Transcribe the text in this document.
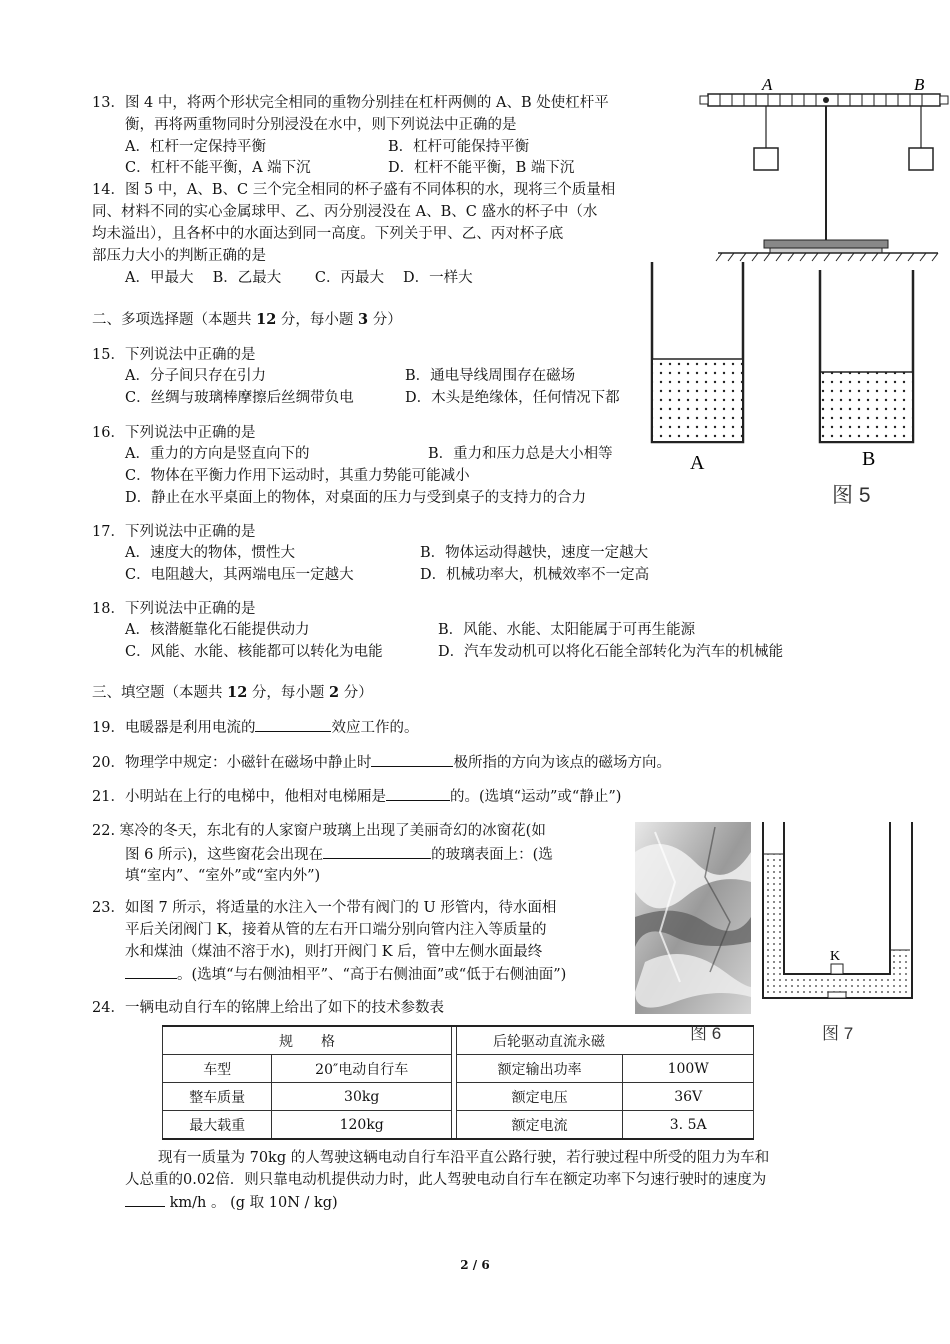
13．图 4 中，将两个形状完全相同的重物分别挂在杠杆两侧的 A、B 处使杠杆平
衡，再将两重物同时分别浸没在水中，则下列说法中正确的是
A．杠杆一定保持平衡	B．杠杆可能保持平衡
C．杠杆不能平衡，A 端下沉	D．杠杆不能平衡，B 端下沉
14．图 5 中，A、B、C 三个完全相同的杯子盛有不同体积的水，现将三个质量相
同、材料不同的实心金属球甲、乙、丙分别浸没在 A、B、C 盛水的杯子中（水
均未溢出），且各杯中的水面达到同一高度。下列关于甲、乙、丙对杯子底
部压力大小的判断正确的是
A．甲最大　 B．乙最大　　 C．丙最大　 D．一样大
二、多项选择题（本题共 12 分，每小题 3 分）
15．下列说法中正确的是
A．分子间只存在引力	B．通电导线周围存在磁场
C．丝绸与玻璃棒摩擦后丝绸带负电	D．木头是绝缘体，任何情况下都
16．下列说法中正确的是
A．重力的方向是竖直向下的	B．重力和压力总是大小相等
C．物体在平衡力作用下运动时，其重力势能可能减小
D．静止在水平桌面上的物体，对桌面的压力与受到桌子的支持力的合力
17．下列说法中正确的是
A．速度大的物体，惯性大	B．物体运动得越快，速度一定越大
C．电阻越大，其两端电压一定越大	D．机械功率大，机械效率不一定高
18．下列说法中正确的是
A．核潜艇靠化石能提供动力	B．风能、水能、太阳能属于可再生能源
C．风能、水能、核能都可以转化为电能	D．汽车发动机可以将化石能全部转化为汽车的机械能
三、填空题（本题共 12 分，每小题 2 分）
19．电暖器是利用电流的	效应工作的。
20．物理学中规定：小磁针在磁场中静止时	极所指的方向为该点的磁场方向。
21．小明站在上行的电梯中，他相对电梯厢是	的。(选填“运动”或“静止”)
22. 寒冷的冬天，东北有的人家窗户玻璃上出现了美丽奇幻的冰窗花(如
图 6 所示)，这些窗花会出现在	的玻璃表面上：(选
填“室内”、“室外”或“室内外”)
23．如图 7 所示，将适量的水注入一个带有阀门的 U 形管内，待水面相
平后关闭阀门 K，接着从管的左右开口端分别向管内注入等质量的
水和煤油（煤油不溶于水)，则打开阀门 K 后，管中左侧水面最终
。(选填“与右侧油相平”、“高于右侧油面”或“低于右侧油面”)
24．一辆电动自行车的铭牌上给出了如下的技术参数表
规　　格			后轮驱动直流永磁	
车型	20″电动自行车		额定输出功率	100W
整车质量	30kg		额定电压	36V
最大载重	120kg		额定电流	3. 5A
现有一质量为 70kg 的人驾驶这辆电动自行车沿平直公路行驶，若行驶过程中所受的阻力为车和
人总重的0.02倍．则只靠电动机提供动力时，此人驾驶电动自行车在额定功率下匀速行驶时的速度为
km/h 。 (g 取 10N / kg)
A	B
A	B
图 5
图 6
K
图 7
2 / 6
